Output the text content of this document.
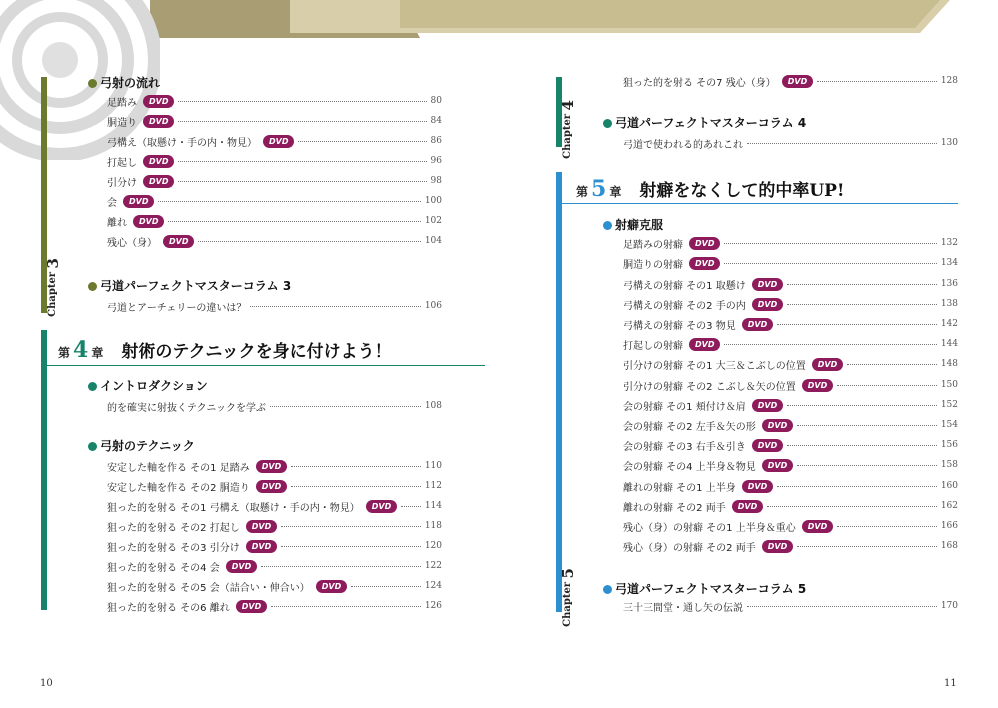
Chapter 3
弓射の流れ
足踏み	DVD	80
胴造り	DVD	84
弓構え（取懸け・手の内・物見）	DVD	86
打起し	DVD	96
引分け	DVD	98
会	DVD	100
離れ	DVD	102
残心（身）	DVD	104
弓道とアーチェリーの違いは？	106
的を確実に射抜くテクニックを学ぶ	108
安定した軸を作る その1 足踏み	DVD	110
安定した軸を作る その2 胴造り	DVD	112
狙った的を射る その1 弓構え（取懸け・手の内・物見）	DVD	114
狙った的を射る その2 打起し	DVD	118
狙った的を射る その3 引分け	DVD	120
狙った的を射る その4 会	DVD	122
狙った的を射る その5 会（詰合い・伸合い）	DVD	124
狙った的を射る その6 離れ	DVD	126
弓道パーフェクトマスターコラム 3
第 4 章 射術のテクニックを身に付けよう！
イントロダクション
弓射のテクニック
10
Chapter 4
弓道パーフェクトマスターコラム 4
第 5 章 射癖をなくして的中率UP!
Chapter 5
射癖克服
弓道パーフェクトマスターコラム 5
狙った的を射る その7 残心（身）	DVD	128
弓道で使われる的あれこれ	130
足踏みの射癖	DVD	132
胴造りの射癖	DVD	134
弓構えの射癖 その1 取懸け	DVD	136
弓構えの射癖 その2 手の内	DVD	138
弓構えの射癖 その3 物見	DVD	142
打起しの射癖	DVD	144
引分けの射癖 その1 大三＆こぶしの位置	DVD	148
引分けの射癖 その2 こぶし＆矢の位置	DVD	150
会の射癖 その1 頬付け＆肩	DVD	152
会の射癖 その2 左手＆矢の形	DVD	154
会の射癖 その3 右手＆引き	DVD	156
会の射癖 その4 上半身＆物見	DVD	158
離れの射癖 その1 上半身	DVD	160
離れの射癖 その2 両手	DVD	162
残心（身）の射癖 その1 上半身＆重心	DVD	166
残心（身）の射癖 その2 両手	DVD	168
三十三間堂・通し矢の伝説	170
11
